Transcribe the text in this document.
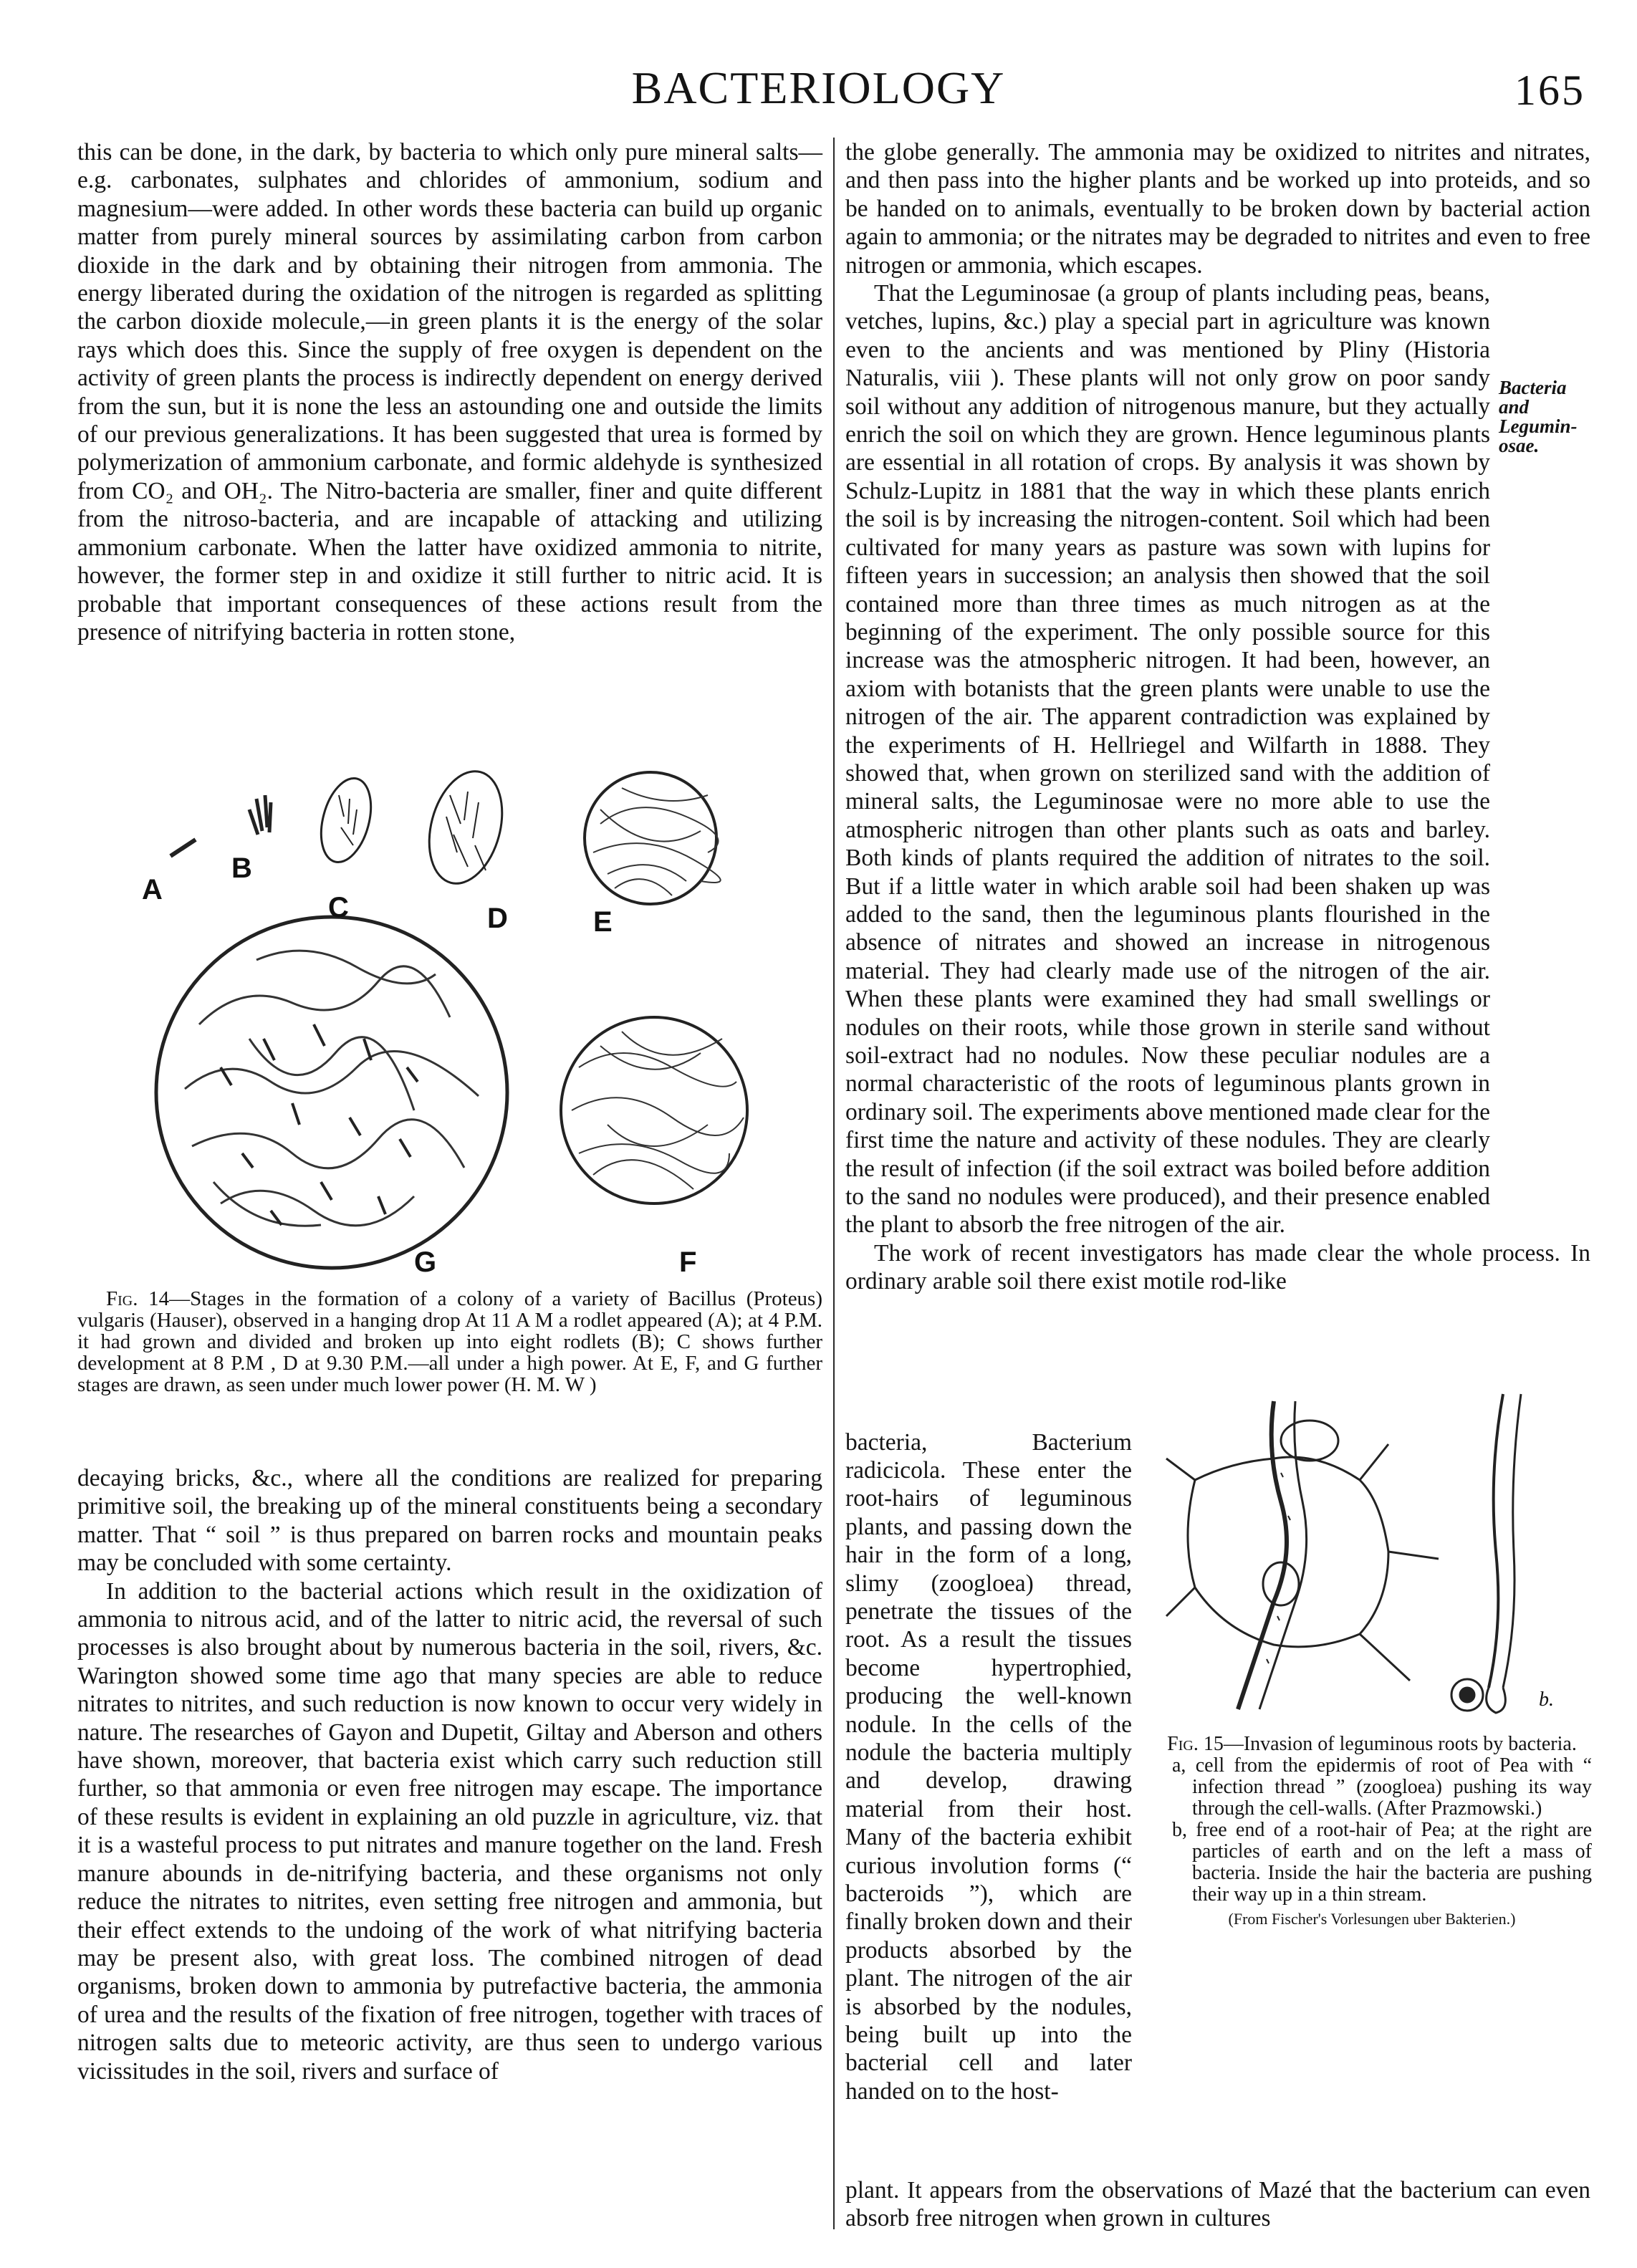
BACTERIOLOGY	165

this can be done, in the dark, by bacteria to which only pure mineral salts—e.g. carbonates, sulphates and chlorides of ammonium, sodium and magnesium—were added. In other words these bacteria can build up organic matter from purely mineral sources by assimilating carbon from carbon dioxide in the dark and by obtaining their nitrogen from ammonia. The energy liberated during the oxidation of the nitrogen is regarded as splitting the carbon dioxide molecule,—in green plants it is the energy of the solar rays which does this. Since the supply of free oxygen is dependent on the activity of green plants the process is indirectly dependent on energy derived from the sun, but it is none the less an astounding one and outside the limits of our previous generalizations. It has been suggested that urea is formed by polymerization of ammonium carbonate, and formic aldehyde is synthesized from CO₂ and OH₂. The Nitro-bacteria are smaller, finer and quite different from the nitroso-bacteria, and are incapable of attacking and utilizing ammonium carbonate. When the latter have oxidized ammonia to nitrite, however, the former step in and oxidize it still further to nitric acid. It is probable that important consequences of these actions result from the presence of nitrifying bacteria in rotten stone,

A
B
C	D	E
G	F
Fig. 14—Stages in the formation of a colony of a variety of Bacillus (Proteus) vulgaris (Hauser), observed in a hanging drop At 11 A M a rodlet appeared (A); at 4 P.M. it had grown and divided and broken up into eight rodlets (B); C shows further development at 8 P.M , D at 9.30 P.M.—all under a high power. At E, F, and G further stages are drawn, as seen under much lower power (H. M. W )

decaying bricks, &c., where all the conditions are realized for preparing primitive soil, the breaking up of the mineral constituents being a secondary matter. That “ soil ” is thus prepared on barren rocks and mountain peaks may be concluded with some certainty.

In addition to the bacterial actions which result in the oxidization of ammonia to nitrous acid, and of the latter to nitric acid, the reversal of such processes is also brought about by numerous bacteria in the soil, rivers, &c. Warington showed some time ago that many species are able to reduce nitrates to nitrites, and such reduction is now known to occur very widely in nature. The researches of Gayon and Dupetit, Giltay and Aberson and others have shown, moreover, that bacteria exist which carry such reduction still further, so that ammonia or even free nitrogen may escape. The importance of these results is evident in explaining an old puzzle in agriculture, viz. that it is a wasteful process to put nitrates and manure together on the land. Fresh manure abounds in de-nitrifying bacteria, and these organisms not only reduce the nitrates to nitrites, even setting free nitrogen and ammonia, but their effect extends to the undoing of the work of what nitrifying bacteria may be present also, with great loss. The combined nitrogen of dead organisms, broken down to ammonia by putrefactive bacteria, the ammonia of urea and the results of the fixation of free nitrogen, together with traces of nitrogen salts due to meteoric activity, are thus seen to undergo various vicissitudes in the soil, rivers and surface of

the globe generally. The ammonia may be oxidized to nitrites and nitrates, and then pass into the higher plants and be worked up into proteids, and so be handed on to animals, eventually to be broken down by bacterial action again to ammonia; or the nitrates may be degraded to nitrites and even to free nitrogen or ammonia, which escapes.

That the Leguminosae (a group of plants including peas, beans, vetches, lupins, &c.) play a special part in agriculture was known even to the ancients and was mentioned by Pliny (Historia Naturalis, viii ). These plants will not only grow on poor sandy soil without any addition of nitrogenous manure, but they actually enrich the soil on which they are grown. Hence leguminous plants are essential in all rotation of crops. By analysis it was shown by Schulz-Lupitz in 1881 that the way in which these plants enrich the soil is by increasing the nitrogen-content. Soil which had been cultivated for many years as pasture was sown with lupins for fifteen years in succession; an analysis then showed that the soil contained more than three times as much nitrogen as at the beginning of the experiment. The only possible source for this increase was the atmospheric nitrogen. It had been, however, an axiom with botanists that the green plants were unable to use the nitrogen of the air. The apparent contradiction was explained by the experiments of H. Hellriegel and Wilfarth in 1888. They showed that, when grown on sterilized sand with the addition of mineral salts, the Leguminosae were no more able to use the atmospheric nitrogen than other plants such as oats and barley. Both kinds of plants required the addition of nitrates to the soil. But if a little water in which arable soil had been shaken up was added to the sand, then the leguminous plants flourished in the absence of nitrates and showed an increase in nitrogenous material. They had clearly made use of the nitrogen of the air. When these plants were examined they had small swellings or nodules on their roots, while those grown in sterile sand without soil-extract had no nodules. Now these peculiar nodules are a normal characteristic of the roots of leguminous plants grown in ordinary soil. The experiments above mentioned made clear for the first time the nature and activity of these nodules. They are clearly the result of infection (if the soil extract was boiled before addition to the sand no nodules were produced), and their presence enabled the plant to absorb the free nitrogen of the air.

The work of recent investigators has made clear the whole process. In ordinary arable soil there exist motile rod-like

Bacteria
and
Legumin-
osae.

bacteria, Bacterium radicicola. These enter the root-hairs of leguminous plants, and passing down the hair in the form of a long, slimy (zoogloea) thread, penetrate the tissues of the root. As a result the tissues become hypertrophied, producing the well-known nodule. In the cells of the nodule the bacteria multiply and develop, drawing material from their host. Many of the bacteria exhibit curious involution forms (“ bacteroids ”), which are finally broken down and their products absorbed by the plant. The nitrogen of the air is absorbed by the nodules, being built up into the bacterial cell and later handed on to the host-

b.
Fig. 15—Invasion of leguminous roots by bacteria.
a, cell from the epidermis of root of Pea with “ infection thread ” (zoogloea) pushing its way through the cell-walls. (After Prazmowski.)
b, free end of a root-hair of Pea; at the right are particles of earth and on the left a mass of bacteria. Inside the hair the bacteria are pushing their way up in a thin stream.
(From Fischer's Vorlesungen uber Bakterien.)

plant. It appears from the observations of Mazé that the bacterium can even absorb free nitrogen when grown in cultures
